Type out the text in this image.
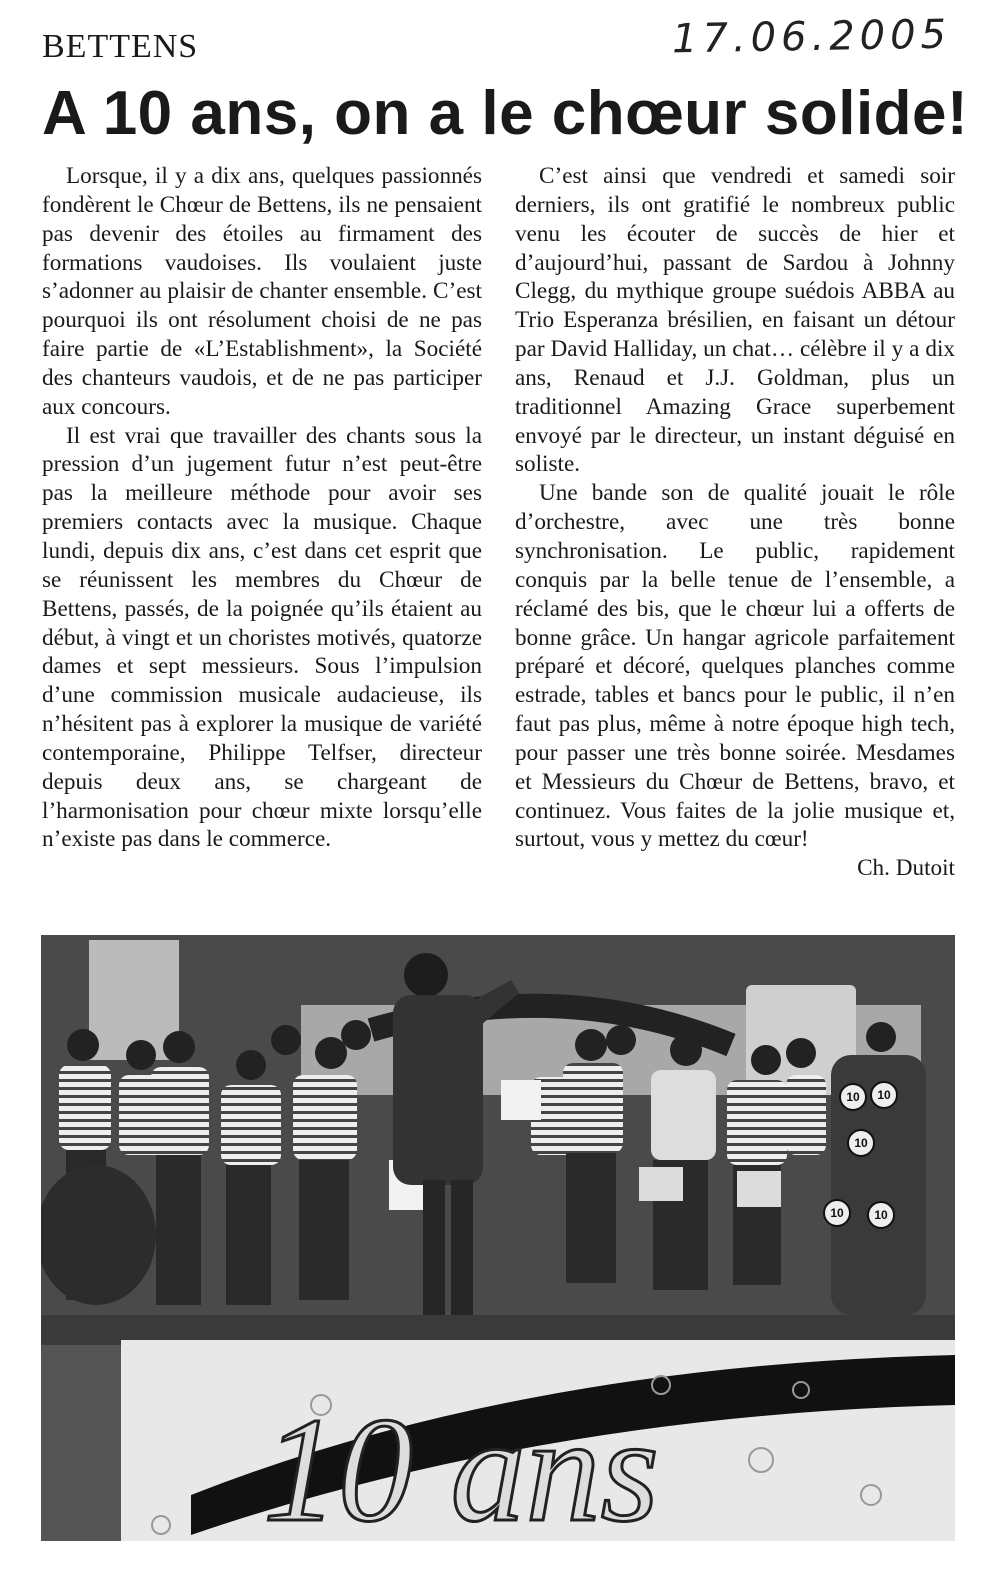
BETTENS	17.06.2005
A 10 ans, on a le chœur solide!

Lorsque, il y a dix ans, quelques passionnés fondèrent le Chœur de Bettens, ils ne pensaient pas devenir des étoiles au firmament des formations vaudoises. Ils voulaient juste s’adonner au plaisir de chanter ensemble. C’est pourquoi ils ont résolument choisi de ne pas faire partie de «L’Establishment», la Société des chanteurs vaudois, et de ne pas participer aux concours.

Il est vrai que travailler des chants sous la pression d’un jugement futur n’est peut-être pas la meilleure méthode pour avoir ses premiers contacts avec la musique. Chaque lundi, depuis dix ans, c’est dans cet esprit que se réunissent les membres du Chœur de Bettens, passés, de la poignée qu’ils étaient au début, à vingt et un choristes motivés, quatorze dames et sept messieurs. Sous l’impulsion d’une commission musicale audacieuse, ils n’hésitent pas à explorer la musique de variété contemporaine, Philippe Telfser, directeur depuis deux ans, se chargeant de l’harmonisation pour chœur mixte lorsqu’elle n’existe pas dans le commerce.

C’est ainsi que vendredi et samedi soir derniers, ils ont gratifié le nombreux public venu les écouter de succès de hier et d’aujourd’hui, passant de Sardou à Johnny Clegg, du mythique groupe suédois ABBA au Trio Esperanza brésilien, en faisant un détour par David Halliday, un chat… célèbre il y a dix ans, Renaud et J.J. Goldman, plus un traditionnel Amazing Grace superbement envoyé par le directeur, un instant déguisé en soliste.

Une bande son de qualité jouait le rôle d’orchestre, avec une très bonne synchronisation. Le public, rapidement conquis par la belle tenue de l’ensemble, a réclamé des bis, que le chœur lui a offerts de bonne grâce. Un hangar agricole parfaitement préparé et décoré, quelques planches comme estrade, tables et bancs pour le public, il n’en faut pas plus, même à notre époque high tech, pour passer une très bonne soirée. Mesdames et Messieurs du Chœur de Bettens, bravo, et continuez. Vous faites de la jolie musique et, surtout, vous y mettez du cœur!

Ch. Dutoit

10 10
10
10	10
10 ans
